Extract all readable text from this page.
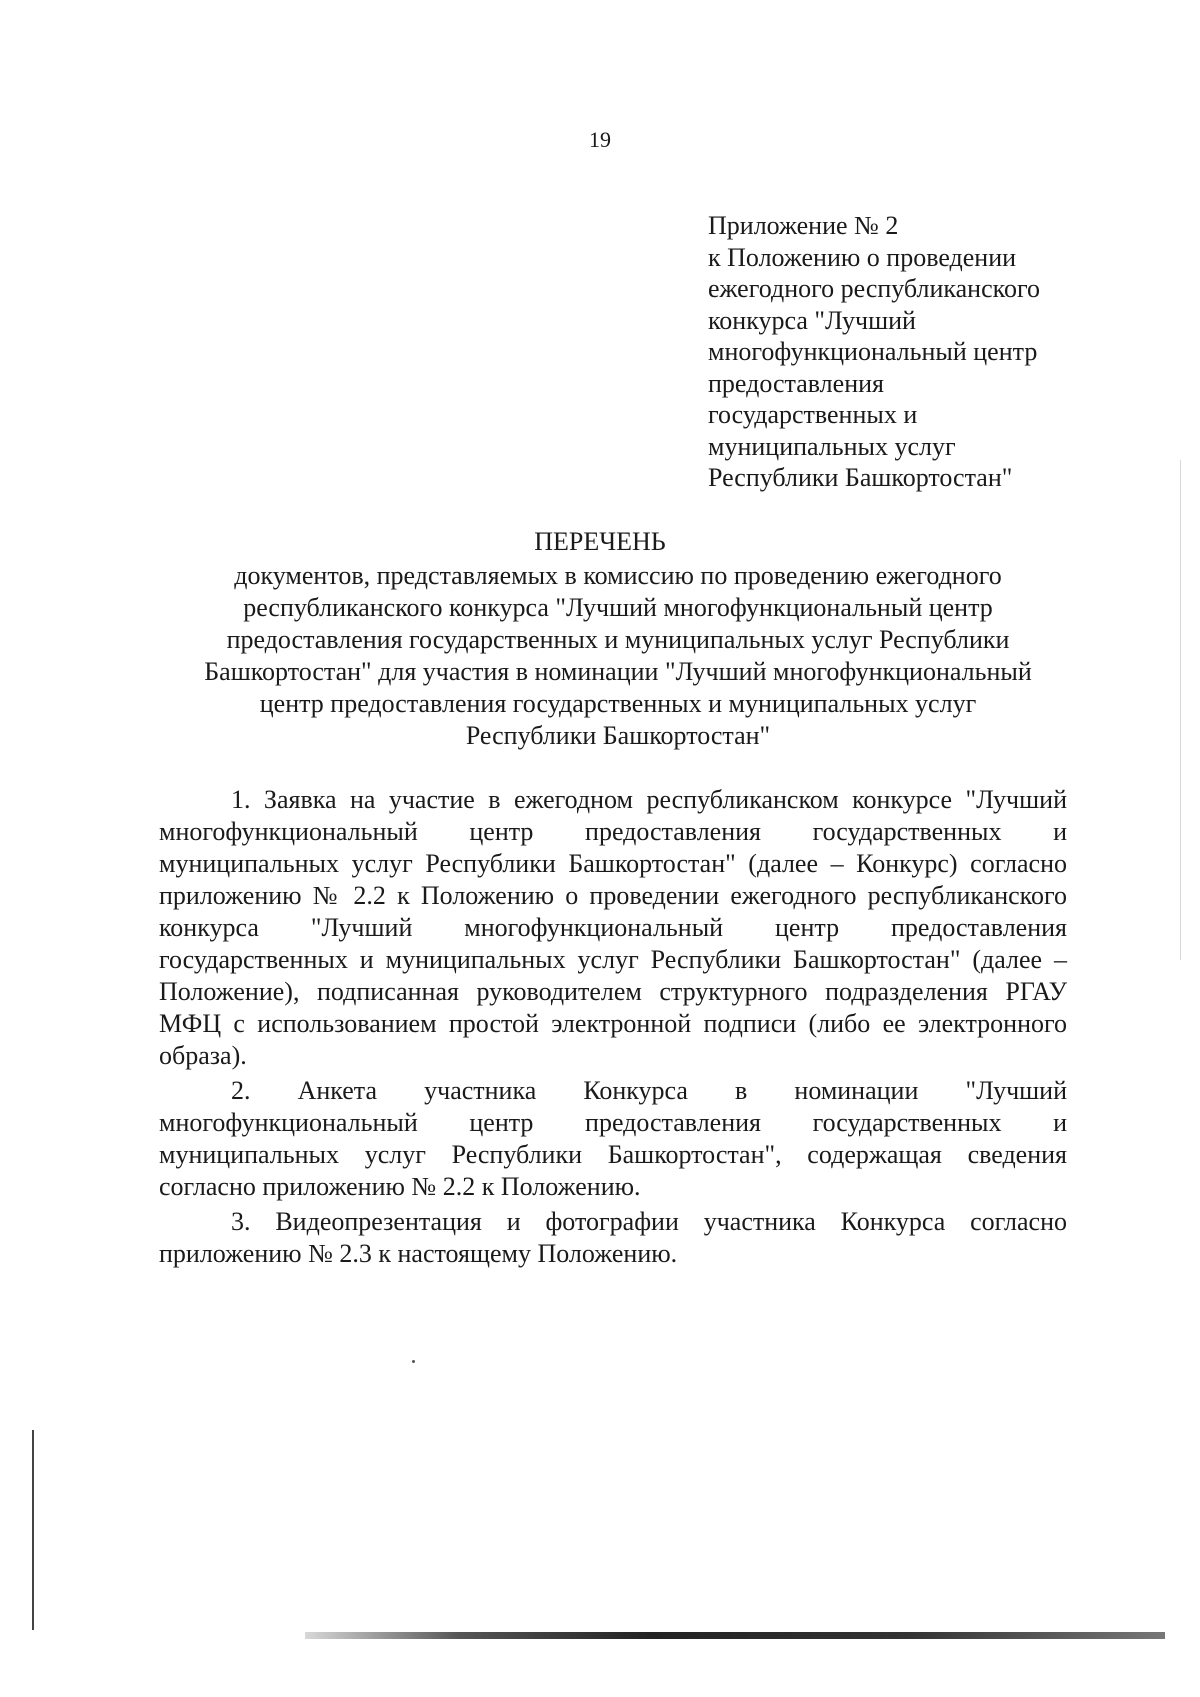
19
Приложение № 2
к Положению о проведении
ежегодного республиканского
конкурса "Лучший
многофункциональный центр
предоставления
государственных и
муниципальных услуг
Республики Башкортостан"
ПЕРЕЧЕНЬ
документов, представляемых в комиссию по проведению ежегодного
республиканского конкурса "Лучший многофункциональный центр
предоставления государственных и муниципальных услуг Республики
Башкортостан" для участия в номинации "Лучший многофункциональный
центр предоставления государственных и муниципальных услуг
Республики Башкортостан"

1. Заявка на участие в ежегодном республиканском конкурсе "Лучший многофункциональный центр предоставления государственных и муниципальных услуг Республики Башкортостан" (далее – Конкурс) согласно приложению № 2.2 к Положению о проведении ежегодного республиканского конкурса "Лучший многофункциональный центр предоставления государственных и муниципальных услуг Республики Башкортостан" (далее – Положение), подписанная руководителем структурного подразделения РГАУ МФЦ с использованием простой электронной подписи (либо ее электронного образа).

2. Анкета участника Конкурса в номинации "Лучший многофункциональный центр предоставления государственных и муниципальных услуг Республики Башкортостан", содержащая сведения согласно приложению № 2.2 к Положению.

3. Видеопрезентация и фотографии участника Конкурса согласно приложению № 2.3 к настоящему Положению.
